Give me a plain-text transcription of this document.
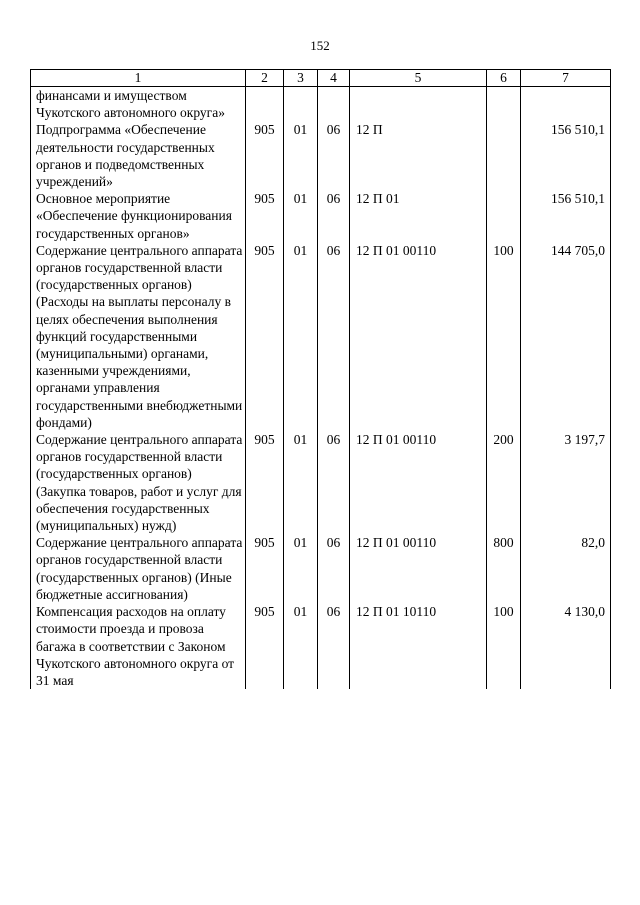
152
1	2	3	4	5	6	7
финансами и имуществом Чукотского автономного округа»						
Подпрограмма «Обеспечение деятельности государственных органов и подведомственных учреждений»	905	01	06	12 П		156 510,1
Основное мероприятие «Обеспечение функционирования государственных органов»	905	01	06	12 П 01		156 510,1
Содержание центрального аппарата органов государственной власти (государственных органов) (Расходы на выплаты персоналу в целях обеспечения выполнения функций государственными (муниципальными) органами, казенными учреждениями, органами управления государственными внебюджетными фондами)	905	01	06	12 П 01 00110	100	144 705,0
Содержание центрального аппарата органов государственной власти (государственных органов) (Закупка товаров, работ и услуг для обеспечения государственных (муниципальных) нужд)	905	01	06	12 П 01 00110	200	3 197,7
Содержание центрального аппарата органов государственной власти (государственных органов) (Иные бюджетные ассигнования)	905	01	06	12 П 01 00110	800	82,0
Компенсация расходов на оплату стоимости проезда и провоза багажа в соответствии с Законом Чукотского автономного округа от 31 мая	905	01	06	12 П 01 10110	100	4 130,0
